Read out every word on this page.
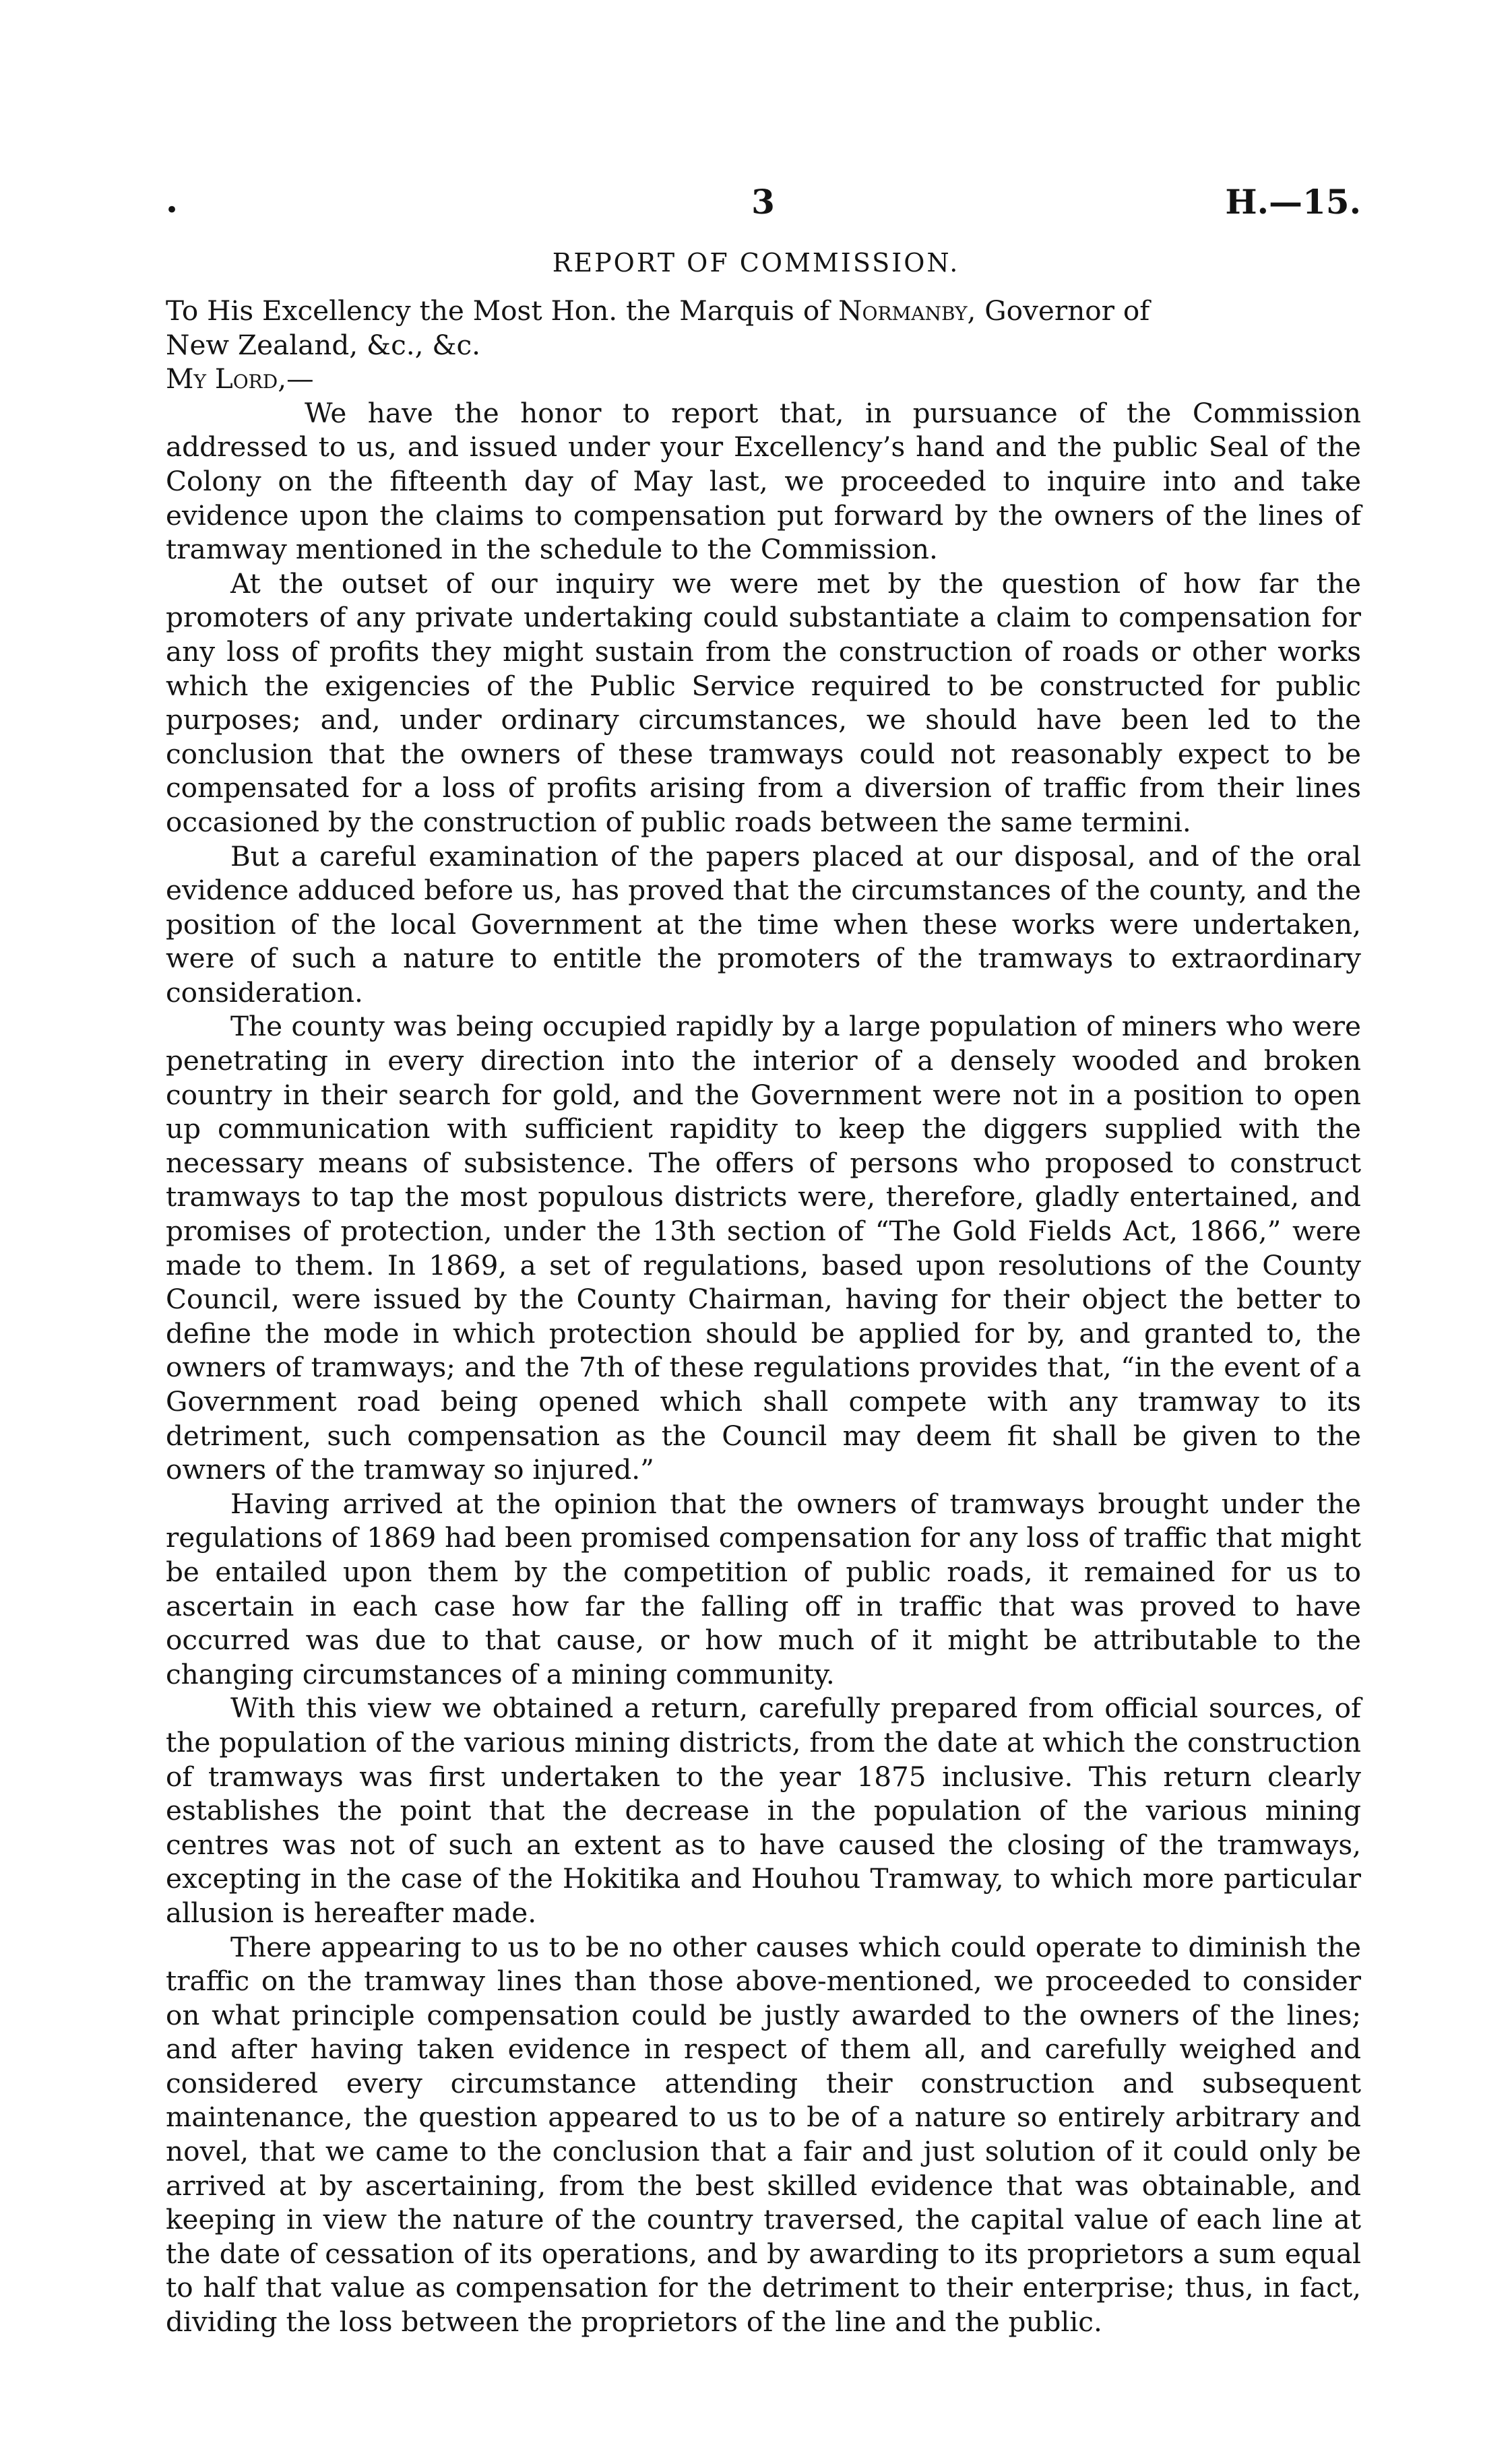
•	3	H.—15.
REPORT OF COMMISSION.

To His Excellency the Most Hon. the Marquis of Normanby, Governor of
New Zealand, &c., &c.

My Lord,—

We have the honor to report that, in pursuance of the Commission addressed to us, and issued under your Excellency’s hand and the public Seal of the Colony on the fifteenth day of May last, we proceeded to inquire into and take evidence upon the claims to compensation put forward by the owners of the lines of tramway mentioned in the schedule to the Commission.

At the outset of our inquiry we were met by the question of how far the promoters of any private undertaking could substantiate a claim to compensation for any loss of profits they might sustain from the construction of roads or other works which the exigencies of the Public Service required to be constructed for public purposes; and, under ordinary circumstances, we should have been led to the conclusion that the owners of these tramways could not reasonably expect to be compensated for a loss of profits arising from a diversion of traffic from their lines occasioned by the construction of public roads between the same termini.

But a careful examination of the papers placed at our disposal, and of the oral evidence adduced before us, has proved that the circumstances of the county, and the position of the local Government at the time when these works were undertaken, were of such a nature to entitle the promoters of the tramways to extraordinary consideration.

The county was being occupied rapidly by a large population of miners who were penetrating in every direction into the interior of a densely wooded and broken country in their search for gold, and the Government were not in a position to open up communication with sufficient rapidity to keep the diggers supplied with the necessary means of subsistence. The offers of persons who proposed to construct tramways to tap the most populous districts were, therefore, gladly entertained, and promises of protection, under the 13th section of “The Gold Fields Act, 1866,” were made to them. In 1869, a set of regulations, based upon resolutions of the County Council, were issued by the County Chairman, having for their object the better to define the mode in which protection should be applied for by, and granted to, the owners of tramways; and the 7th of these regulations provides that, “in the event of a Government road being opened which shall compete with any tramway to its detriment, such compensation as the Council may deem fit shall be given to the owners of the tramway so injured.”

Having arrived at the opinion that the owners of tramways brought under the regulations of 1869 had been promised compensation for any loss of traffic that might be entailed upon them by the competition of public roads, it remained for us to ascertain in each case how far the falling off in traffic that was proved to have occurred was due to that cause, or how much of it might be attributable to the changing circumstances of a mining community.

With this view we obtained a return, carefully prepared from official sources, of the population of the various mining districts, from the date at which the construction of tramways was first undertaken to the year 1875 inclusive. This return clearly establishes the point that the decrease in the population of the various mining centres was not of such an extent as to have caused the closing of the tramways, excepting in the case of the Hokitika and Houhou Tramway, to which more particular allusion is hereafter made.

There appearing to us to be no other causes which could operate to diminish the traffic on the tramway lines than those above-mentioned, we proceeded to consider on what principle compensation could be justly awarded to the owners of the lines; and after having taken evidence in respect of them all, and carefully weighed and considered every circumstance attending their construction and subsequent maintenance, the question appeared to us to be of a nature so entirely arbitrary and novel, that we came to the conclusion that a fair and just solution of it could only be arrived at by ascertaining, from the best skilled evidence that was obtainable, and keeping in view the nature of the country traversed, the capital value of each line at the date of cessation of its operations, and by awarding to its proprietors a sum equal to half that value as compensation for the detriment to their enterprise; thus, in fact, dividing the loss between the proprietors of the line and the public.
